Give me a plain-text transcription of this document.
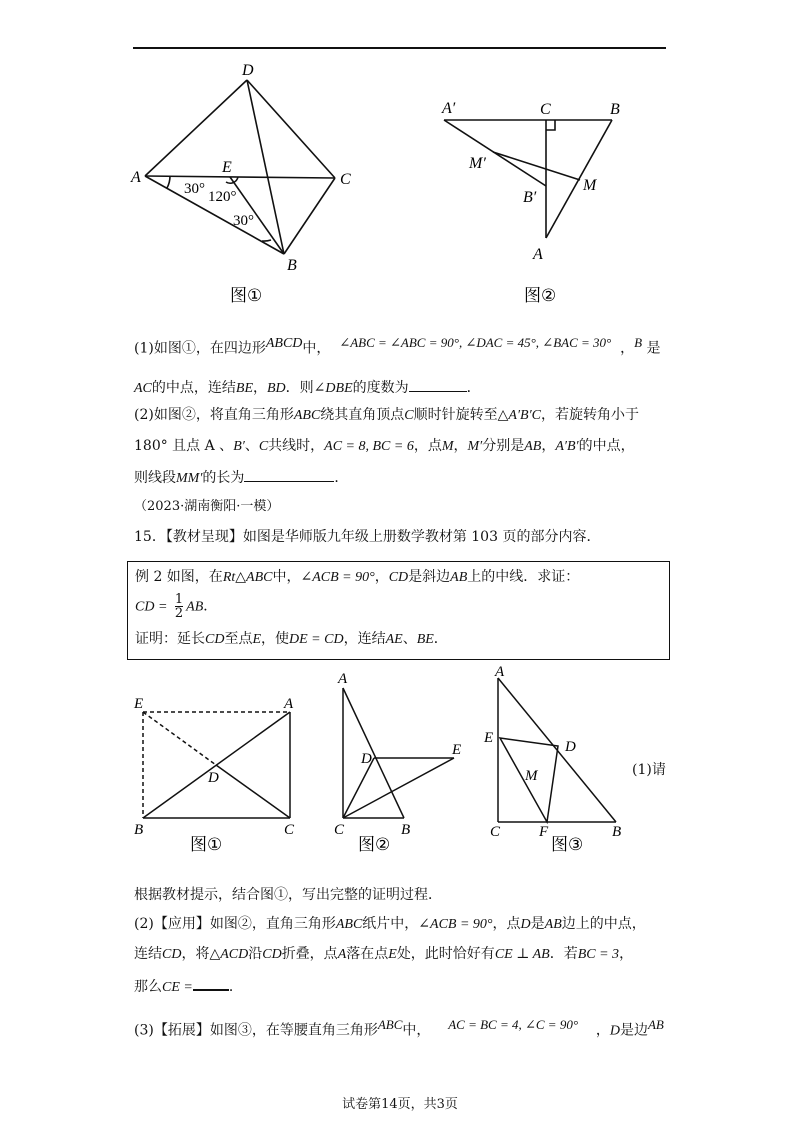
D
A	C
E
B
30° 120°
30°
A′	C	B
M′
M
B′
A
图①	图②
(1)如图①，在四边形$^{ABCD}$中， $^{\angle ABC = \angle ABC = 90^\circ, \angle DAC = 45^\circ, \angle BAC = 30^\circ}$  ，$^B$ 是
AC的中点，连结BE，BD．则∠DBE的度数为	．
(2)如图②，将直角三角形ABC绕其直角顶点C顺时针旋转至△A′B′C，若旋转角小于
180° 且点 A 、B′、C共线时，AC = 8, BC = 6，点M，M′分别是AB，A′B′的中点，
则线段MM′的长为	．
（2023·湖南衡阳·一模）
15．【教材呈现】如图是华师版九年级上册数学教材第 103 页的部分内容．
例 2 如图，在Rt△ABC中，∠ACB = 90°，CD是斜边AB上的中线．求证：
CD = $\frac{1}{2}$ AB．
证明：延长CD至点E，使DE = CD，连结AE、BE．
E	A
D
B	C
A
D
E
C	B
A
E
D
M
C	F	B
图①	图②	图③
(1)请
根据教材提示，结合图①，写出完整的证明过程．
(2)【应用】如图②，直角三角形ABC纸片中，∠ACB = 90°，点D是AB边上的中点，
连结CD，将△ACD沿CD折叠，点A落在点E处，此时恰好有CE ⊥ AB．若BC = 3，
那么CE =	．
(3)【拓展】如图③，在等腰直角三角形$^{ABC}$中， $^{AC = BC = 4, \angle C = 90^\circ}$ ，D是边$^{AB}$
试卷第14页，共3页
